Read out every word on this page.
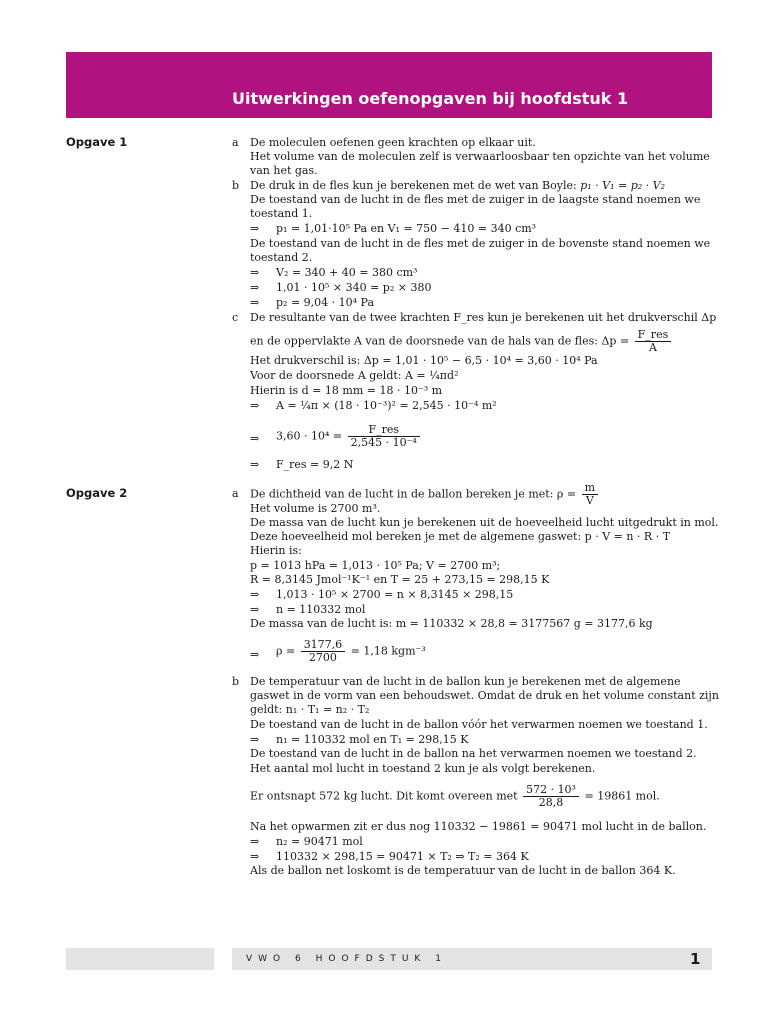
Uitwerkingen oefenopgaven bij hoofdstuk 1
Opgave 1	a De moleculen oefenen geen krachten op elkaar uit.
Het volume van de moleculen zelf is verwaarloosbaar ten opzichte van het volume
van het gas.
b De druk in de fles kun je berekenen met de wet van Boyle: p₁ · V₁ = p₂ · V₂
De toestand van de lucht in de fles met de zuiger in de laagste stand noemen we
toestand 1.
⇒ p₁ = 1,01·10⁵ Pa en V₁ = 750 − 410 = 340 cm³
De toestand van de lucht in de fles met de zuiger in de bovenste stand noemen we
toestand 2.
⇒ V₂ = 340 + 40 = 380 cm³
⇒ 1,01 · 10⁵ × 340 = p₂ × 380
⇒ p₂ = 9,04 · 10⁴ Pa
c De resultante van de twee krachten F_res kun je berekenen uit het drukverschil Δp
en de oppervlakte A van de doorsnede van de hals van de fles: $\Delta p = \frac{\text{F\_res}}{A}$
Het drukverschil is: Δp = 1,01 · 10⁵ − 6,5 · 10⁴ = 3,60 · 10⁴ Pa
Voor de doorsnede A geldt: A = ¼πd²
Hierin is d = 18 mm = 18 · 10⁻³ m
⇒ A = ¼π × (18 · 10⁻³)² = 2,545 · 10⁻⁴ m²
⇒ $3,60 \cdot 10^4 = \frac{\text{F\_res}}{\text{2,545 · 10⁻⁴}}$
⇒ F_res = 9,2 N
Opgave 2	a De dichtheid van de lucht in de ballon bereken je met: $\rho = \frac{m}{V}$
Het volume is 2700 m³.
De massa van de lucht kun je berekenen uit de hoeveelheid lucht uitgedrukt in mol.
Deze hoeveelheid mol bereken je met de algemene gaswet: p · V = n · R · T
Hierin is:
p = 1013 hPa = 1,013 · 10⁵ Pa; V = 2700 m³;
R = 8,3145 Jmol⁻¹K⁻¹ en T = 25 + 273,15 = 298,15 K
⇒ 1,013 · 10⁵ × 2700 = n × 8,3145 × 298,15
⇒ n = 110332 mol
De massa van de lucht is: m = 110332 × 28,8 = 3177567 g = 3177,6 kg
⇒ $\rho = \frac{3177,6}{2700} = 1,18$ kgm⁻³
b De temperatuur van de lucht in de ballon kun je berekenen met de algemene
gaswet in de vorm van een behoudswet. Omdat de druk en het volume constant zijn
geldt: n₁ · T₁ = n₂ · T₂
De toestand van de lucht in de ballon vóór het verwarmen noemen we toestand 1.
⇒ n₁ = 110332 mol en T₁ = 298,15 K
De toestand van de lucht in de ballon na het verwarmen noemen we toestand 2.
Het aantal mol lucht in toestand 2 kun je als volgt berekenen.
Er ontsnapt 572 kg lucht. Dit komt overeen met $\frac{\text{572 · 10³}}{28,8} = 19861$ mol.
Na het opwarmen zit er dus nog 110332 − 19861 = 90471 mol lucht in de ballon.
⇒ n₂ = 90471 mol
⇒ 110332 × 298,15 = 90471 × T₂ ⇒ T₂ = 364 K
Als de ballon net loskomt is de temperatuur van de lucht in de ballon 364 K.
VWO 6 HOOFDSTUK 1	1
